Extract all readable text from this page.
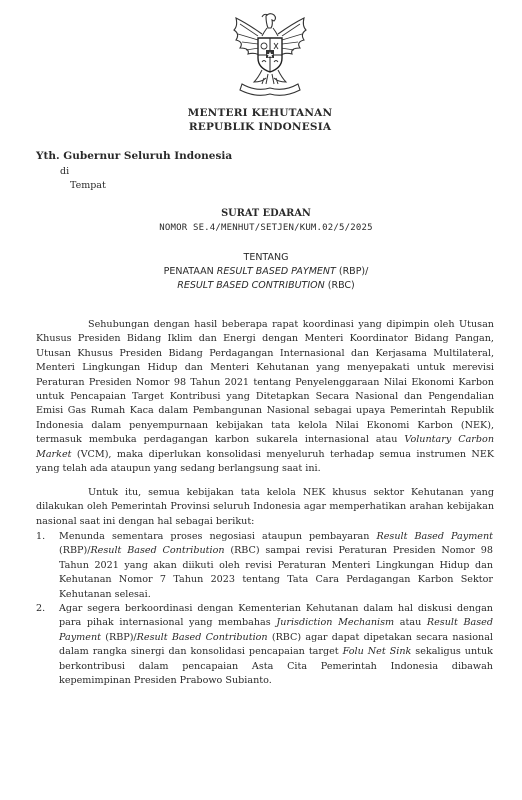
MENTERI KEHUTANAN
REPUBLIK INDONESIA
Yth. Gubernur Seluruh Indonesia
di
Tempat
SURAT EDARAN
NOMOR SE.4/MENHUT/SETJEN/KUM.02/5/2025
TENTANG
PENATAAN RESULT BASED PAYMENT (RBP)/
RESULT BASED CONTRIBUTION (RBC)
Sehubungan dengan hasil beberapa rapat koordinasi yang dipimpin oleh Utusan Khusus Presiden Bidang Iklim dan Energi dengan Menteri Koordinator Bidang Pangan, Utusan Khusus Presiden Bidang Perdagangan Internasional dan Kerjasama Multilateral, Menteri Lingkungan Hidup dan Menteri Kehutanan yang menyepakati untuk merevisi Peraturan Presiden Nomor 98 Tahun 2021 tentang Penyelenggaraan Nilai Ekonomi Karbon untuk Pencapaian Target Kontribusi yang Ditetapkan Secara Nasional dan Pengendalian Emisi Gas Rumah Kaca dalam Pembangunan Nasional sebagai upaya Pemerintah Republik Indonesia dalam penyempurnaan kebijakan tata kelola Nilai Ekonomi Karbon (NEK), termasuk membuka perdagangan karbon sukarela internasional atau Voluntary Carbon Market (VCM), maka diperlukan konsolidasi menyeluruh terhadap semua instrumen NEK yang telah ada ataupun yang sedang berlangsung saat ini.
Untuk itu, semua kebijakan tata kelola NEK khusus sektor Kehutanan yang dilakukan oleh Pemerintah Provinsi seluruh Indonesia agar memperhatikan arahan kebijakan nasional saat ini dengan hal sebagai berikut:
1.	Menunda sementara proses negosiasi ataupun pembayaran Result Based Payment (RBP)/Result Based Contribution (RBC) sampai revisi Peraturan Presiden Nomor 98 Tahun 2021 yang akan diikuti oleh revisi Peraturan Menteri Lingkungan Hidup dan Kehutanan Nomor 7 Tahun 2023 tentang Tata Cara Perdagangan Karbon Sektor Kehutanan selesai.
2.	Agar segera berkoordinasi dengan Kementerian Kehutanan dalam hal diskusi dengan para pihak internasional yang membahas Jurisdiction Mechanism atau Result Based Payment (RBP)/Result Based Contribution (RBC) agar dapat dipetakan secara nasional dalam rangka sinergi dan konsolidasi pencapaian target Folu Net Sink sekaligus untuk berkontribusi dalam pencapaian Asta Cita Pemerintah Indonesia dibawah kepemimpinan Presiden Prabowo Subianto.
